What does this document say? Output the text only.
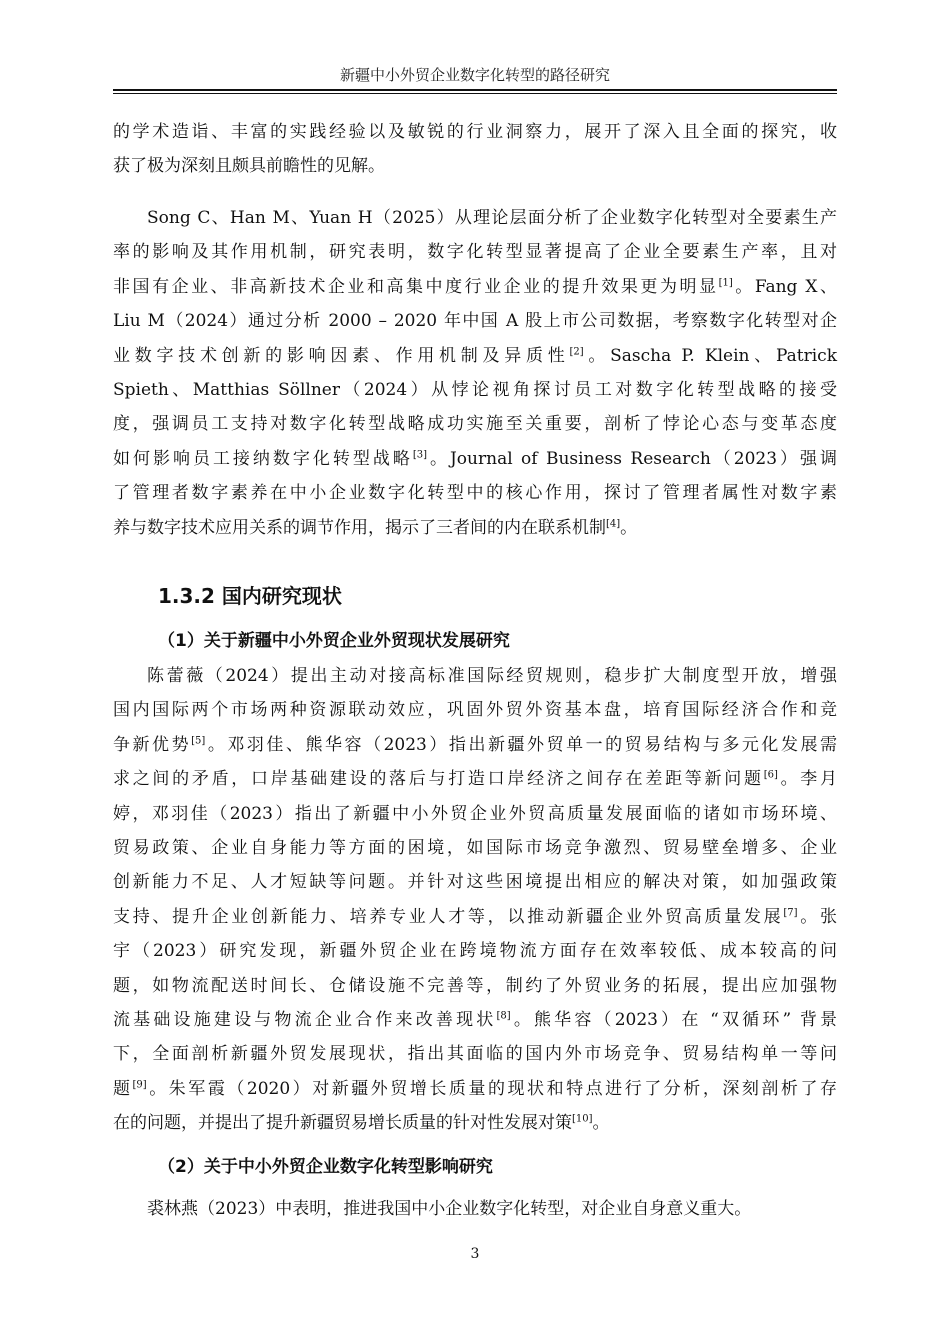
新疆中小外贸企业数字化转型的路径研究
的学术造诣、丰富的实践经验以及敏锐的行业洞察力，展开了深入且全面的探究，收
获了极为深刻且颇具前瞻性的见解。
Song C、Han M、Yuan H（2025）从理论层面分析了企业数字化转型对全要素生产
率的影响及其作用机制，研究表明，数字化转型显著提高了企业全要素生产率，且对
非国有企业、非高新技术企业和高集中度行业企业的提升效果更为明显[1]。Fang X、
Liu M（2024）通过分析 2000 – 2020 年中国 A 股上市公司数据，考察数字化转型对企
业数字技术创新的影响因素、作用机制及异质性[2]。Sascha P. Klein、Patrick
Spieth、Matthias Söllner（2024）从悖论视角探讨员工对数字化转型战略的接受
度，强调员工支持对数字化转型战略成功实施至关重要，剖析了悖论心态与变革态度
如何影响员工接纳数字化转型战略[3]。Journal of Business Research（2023）强调
了管理者数字素养在中小企业数字化转型中的核心作用，探讨了管理者属性对数字素
养与数字技术应用关系的调节作用，揭示了三者间的内在联系机制[4]。
1.3.2 国内研究现状
（1）关于新疆中小外贸企业外贸现状发展研究
陈蕾薇（2024）提出主动对接高标准国际经贸规则，稳步扩大制度型开放，增强
国内国际两个市场两种资源联动效应，巩固外贸外资基本盘，培育国际经济合作和竞
争新优势[5]。邓羽佳、熊华容（2023）指出新疆外贸单一的贸易结构与多元化发展需
求之间的矛盾，口岸基础建设的落后与打造口岸经济之间存在差距等新问题[6]。李月
婷，邓羽佳（2023）指出了新疆中小外贸企业外贸高质量发展面临的诸如市场环境、
贸易政策、企业自身能力等方面的困境，如国际市场竞争激烈、贸易壁垒增多、企业
创新能力不足、人才短缺等问题。并针对这些困境提出相应的解决对策，如加强政策
支持、提升企业创新能力、培养专业人才等，以推动新疆企业外贸高质量发展[7]。张
宇（2023）研究发现，新疆外贸企业在跨境物流方面存在效率较低、成本较高的问
题，如物流配送时间长、仓储设施不完善等，制约了外贸业务的拓展，提出应加强物
流基础设施建设与物流企业合作来改善现状[8]。熊华容（2023）在 “双循环” 背景
下，全面剖析新疆外贸发展现状，指出其面临的国内外市场竞争、贸易结构单一等问
题[9]。朱军霞（2020）对新疆外贸增长质量的现状和特点进行了分析，深刻剖析了存
在的问题，并提出了提升新疆贸易增长质量的针对性发展对策[10]。
（2）关于中小外贸企业数字化转型影响研究
裘林燕（2023）中表明，推进我国中小企业数字化转型，对企业自身意义重大。
3
